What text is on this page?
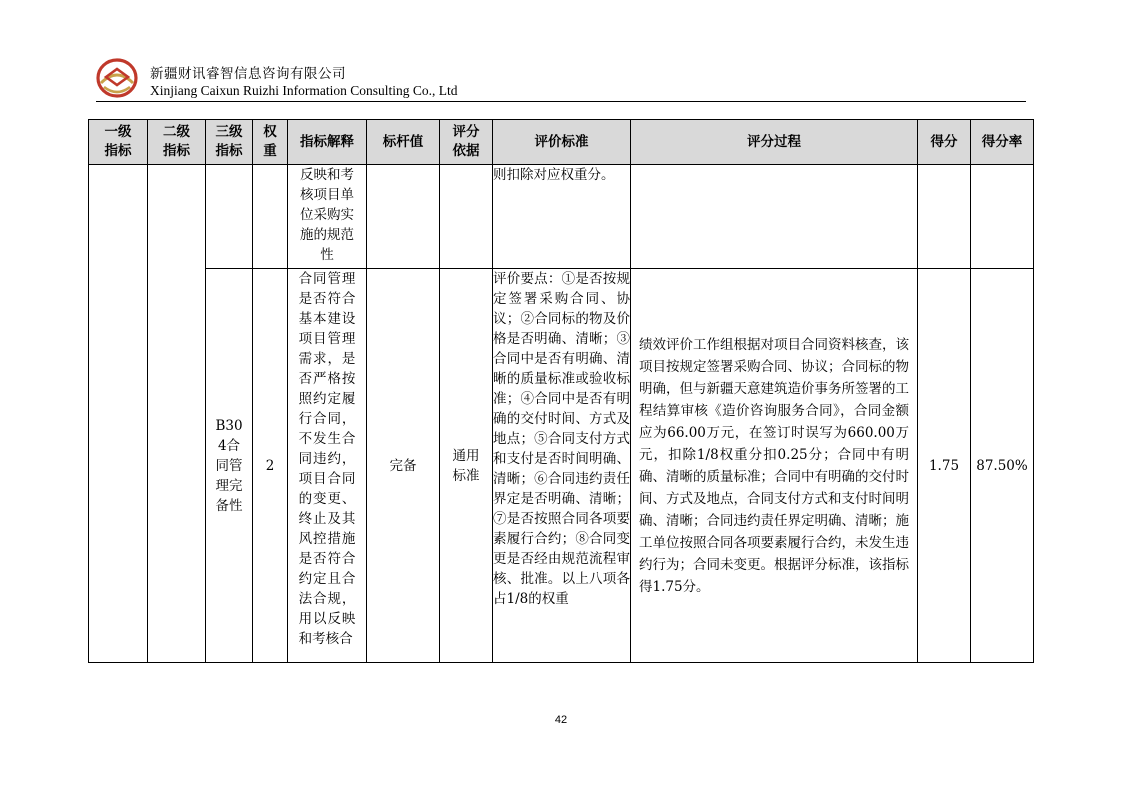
新疆财讯睿智信息咨询有限公司
Xinjiang Caixun Ruizhi Information Consulting Co., Ltd
一级指标	二级指标	三级指标	权重	指标解释	标杆值	评分依据	评价标准	评分过程	得分	得分率

				反映和考核项目单位采购实施的规范性			则扣除对应权重分。			

		B304合同管理完备性	2	合同管理是否符合基本建设项目管理需求，是否严格按照约定履行合同，不发生合同违约，项目合同的变更、终止及其风控措施是否符合约定且合法合规，用以反映和考核合	完备	通用标准	评价要点：①是否按规定签署采购合同、协议；②合同标的物及价格是否明确、清晰；③合同中是否有明确、清晰的质量标准或验收标准；④合同中是否有明确的交付时间、方式及地点；⑤合同支付方式和支付是否时间明确、清晰；⑥合同违约责任界定是否明确、清晰；⑦是否按照合同各项要素履行合约；⑧合同变更是否经由规范流程审核、批准。以上八项各占1/8的权重	绩效评价工作组根据对项目合同资料核查，该项目按规定签署采购合同、协议；合同标的物明确，但与新疆天意建筑造价事务所签署的工程结算审核《造价咨询服务合同》，合同金额应为66.00万元，在签订时误写为660.00万元，扣除1/8权重分扣0.25分；合同中有明确、清晰的质量标准；合同中有明确的交付时间、方式及地点，合同支付方式和支付时间明确、清晰；合同违约责任界定明确、清晰；施工单位按照合同各项要素履行合约，未发生违约行为；合同未变更。根据评分标准，该指标得1.75分。	1.75	87.50%
42
